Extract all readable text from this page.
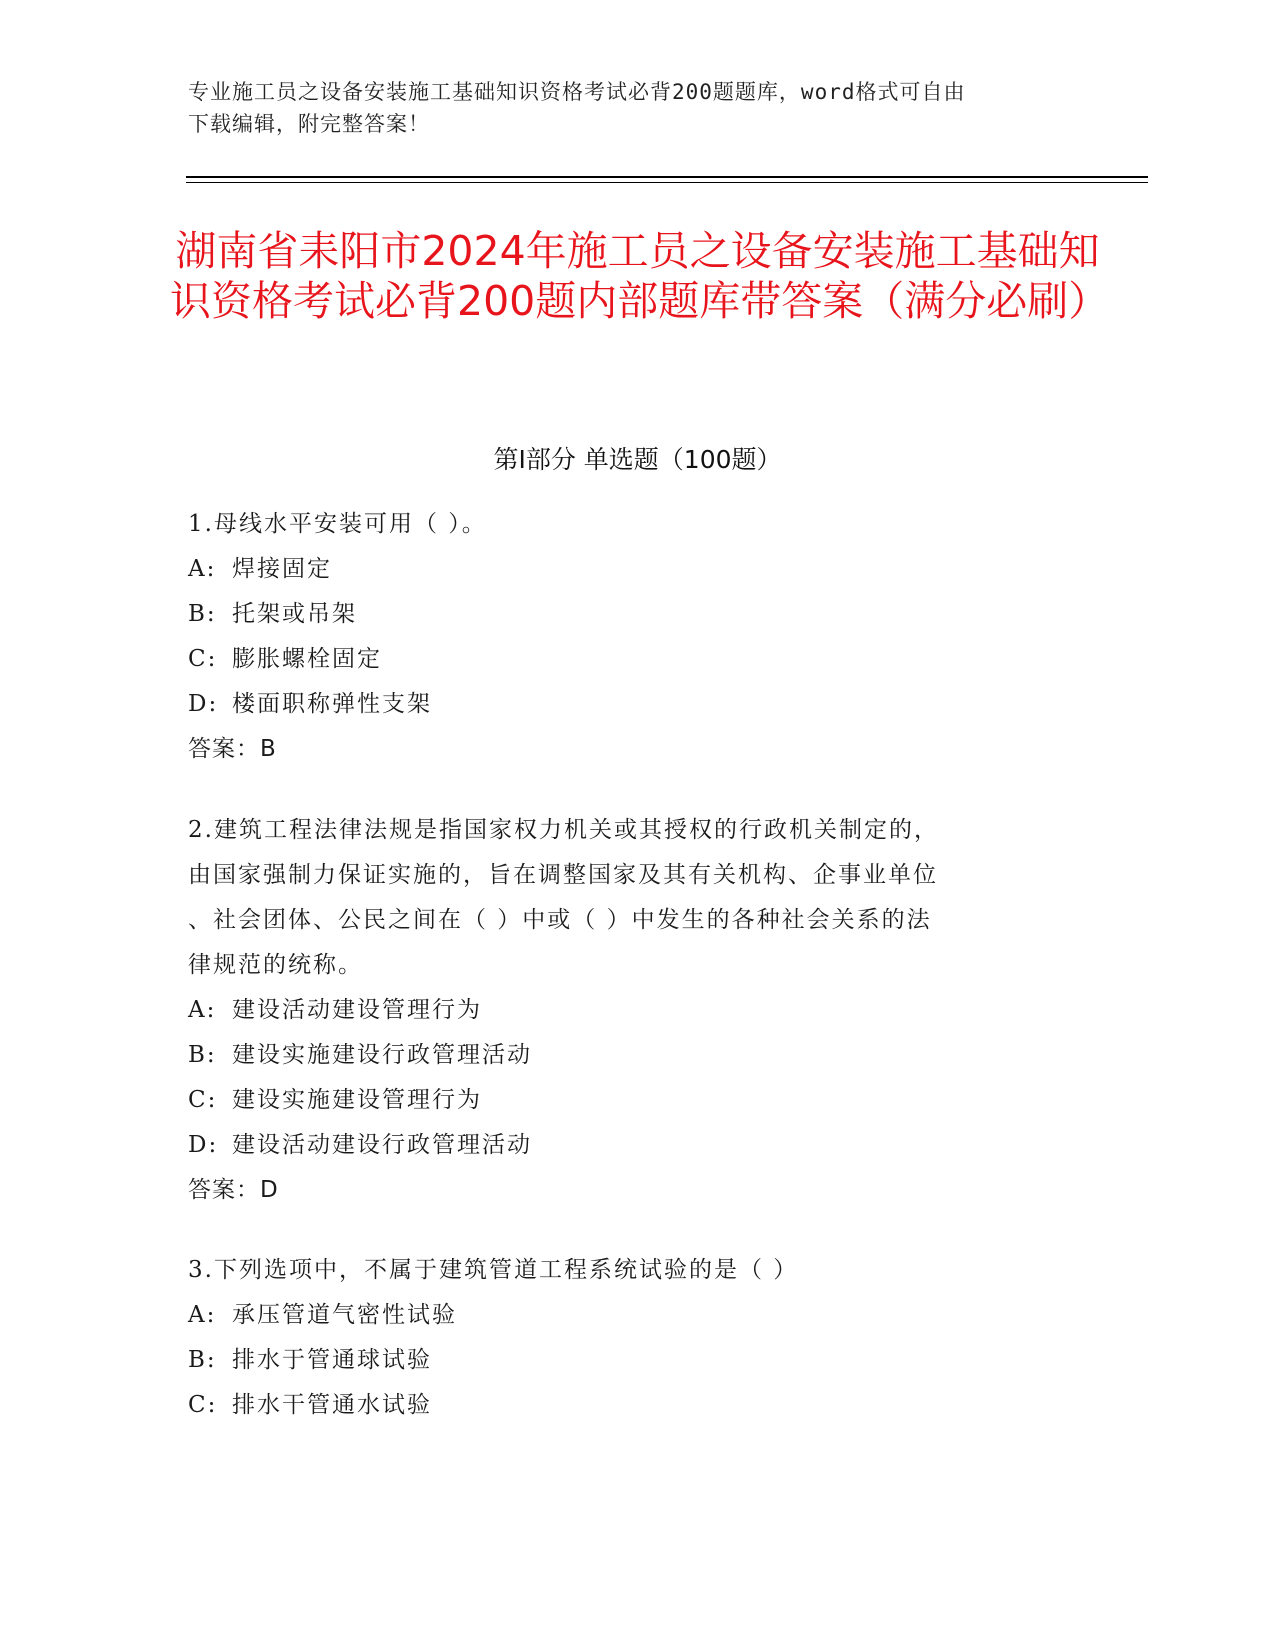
专业施工员之设备安装施工基础知识资格考试必背200题题库，word格式可自由
下载编辑，附完整答案！
湖南省耒阳市2024年施工员之设备安装施工基础知识资格考试必背200题内部题库带答案（满分必刷）
第Ⅰ部分 单选题（100题）
1.母线水平安装可用（ ）。
A: 焊接固定
B: 托架或吊架
C: 膨胀螺栓固定
D: 楼面职称弹性支架
答案：B
2.建筑工程法律法规是指国家权力机关或其授权的行政机关制定的，
由国家强制力保证实施的，旨在调整国家及其有关机构、企事业单位
、社会团体、公民之间在（ ）中或（ ）中发生的各种社会关系的法
律规范的统称。
A: 建设活动建设管理行为
B: 建设实施建设行政管理活动
C: 建设实施建设管理行为
D: 建设活动建设行政管理活动
答案：D
3.下列选项中，不属于建筑管道工程系统试验的是（ ）
A: 承压管道气密性试验
B: 排水于管通球试验
C: 排水干管通水试验
